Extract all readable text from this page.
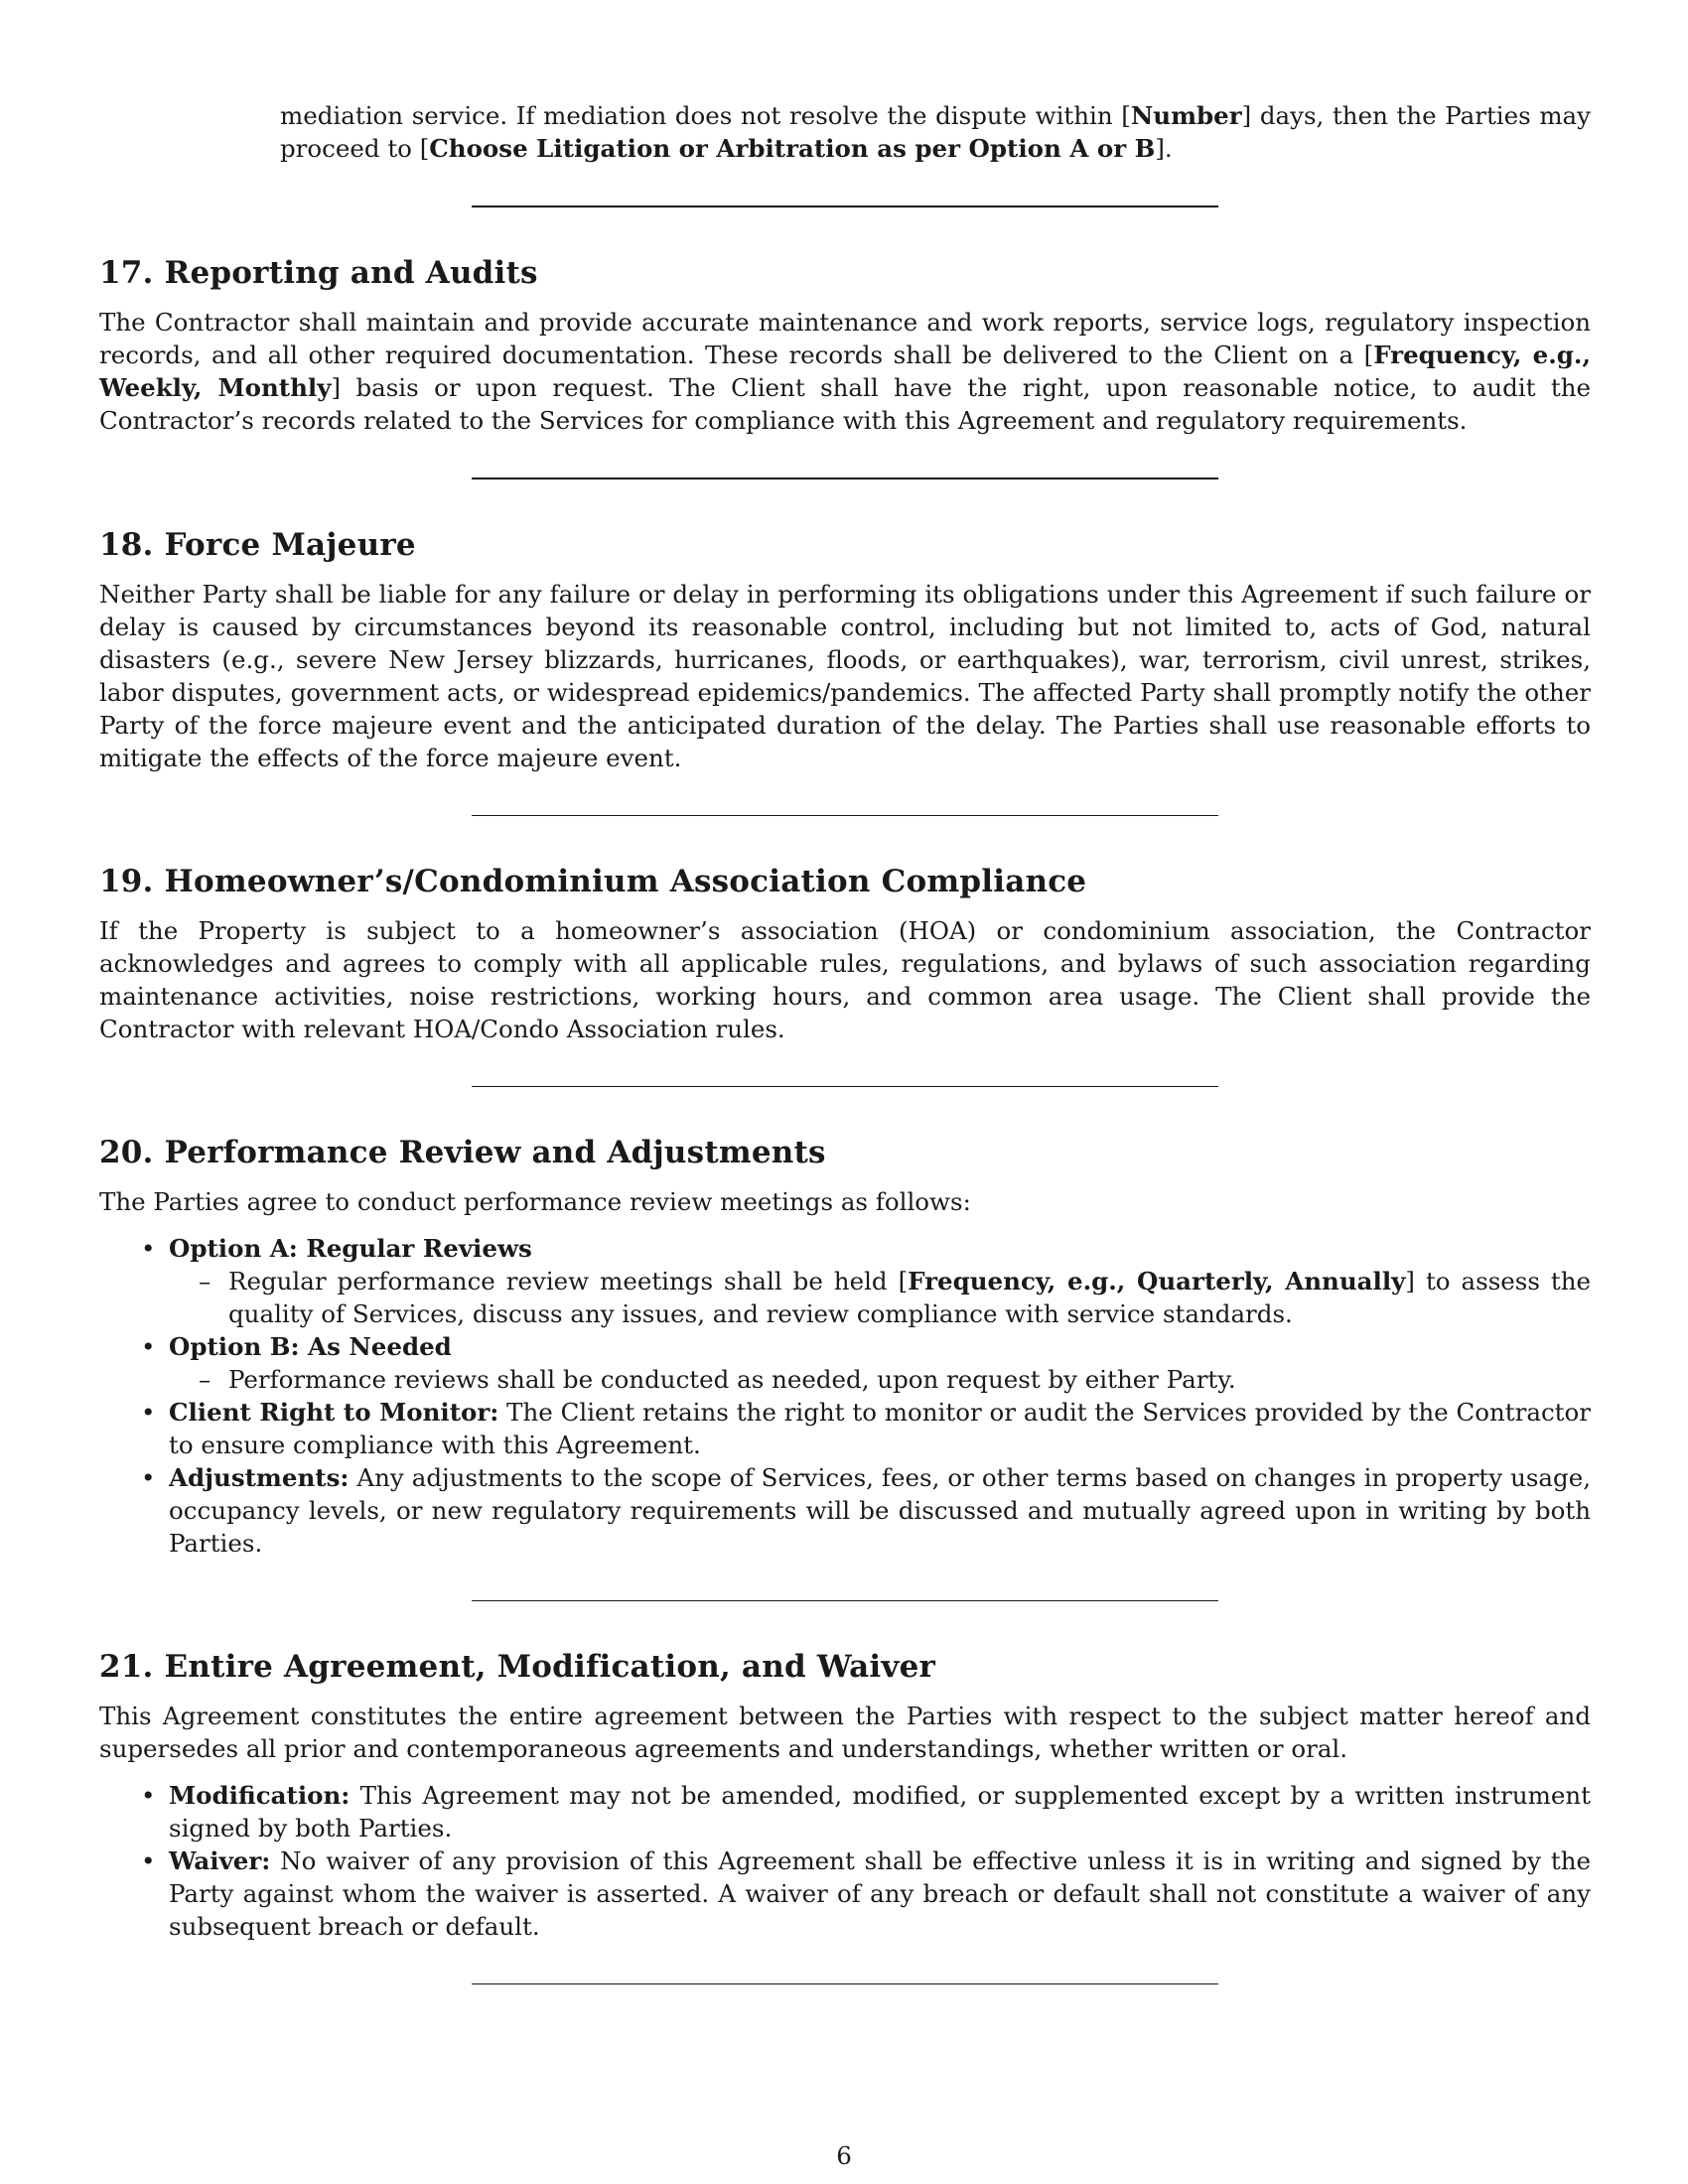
mediation service. If mediation does not resolve the dispute within [Number] days, then the Parties may proceed to [Choose Litigation or Arbitration as per Option A or B].

17. Reporting and Audits

The Contractor shall maintain and provide accurate maintenance and work reports, service logs, regulatory inspection records, and all other required documentation. These records shall be delivered to the Client on a [Frequency, e.g., Weekly, Monthly] basis or upon request. The Client shall have the right, upon reasonable notice, to audit the Contractor’s records related to the Services for compliance with this Agreement and regulatory requirements.

18. Force Majeure

Neither Party shall be liable for any failure or delay in performing its obligations under this Agreement if such failure or delay is caused by circumstances beyond its reasonable control, including but not limited to, acts of God, natural disasters (e.g., severe New Jersey blizzards, hurricanes, floods, or earthquakes), war, terrorism, civil unrest, strikes, labor disputes, government acts, or widespread epidemics/pandemics. The affected Party shall promptly notify the other Party of the force majeure event and the anticipated duration of the delay. The Parties shall use reasonable efforts to mitigate the effects of the force majeure event.

19. Homeowner’s/Condominium Association Compliance

If the Property is subject to a homeowner’s association (HOA) or condominium association, the Contractor acknowledges and agrees to comply with all applicable rules, regulations, and bylaws of such association regarding maintenance activities, noise restrictions, working hours, and common area usage. The Client shall provide the Contractor with relevant HOA/Condo Association rules.

20. Performance Review and Adjustments

The Parties agree to conduct performance review meetings as follows:

• Option A: Regular Reviews
– Regular performance review meetings shall be held [Frequency, e.g., Quarterly, Annually] to assess the quality of Services, discuss any issues, and review compliance with service standards.
• Option B: As Needed
– Performance reviews shall be conducted as needed, upon request by either Party.
• Client Right to Monitor: The Client retains the right to monitor or audit the Services provided by the Contractor to ensure compliance with this Agreement.
• Adjustments: Any adjustments to the scope of Services, fees, or other terms based on changes in property usage, occupancy levels, or new regulatory requirements will be discussed and mutually agreed upon in writing by both Parties.
21. Entire Agreement, Modification, and Waiver

This Agreement constitutes the entire agreement between the Parties with respect to the subject matter hereof and supersedes all prior and contemporaneous agreements and understandings, whether written or oral.

• Modification: This Agreement may not be amended, modified, or supplemented except by a written instrument signed by both Parties.
• Waiver: No waiver of any provision of this Agreement shall be effective unless it is in writing and signed by the Party against whom the waiver is asserted. A waiver of any breach or default shall not constitute a waiver of any subsequent breach or default.
6
